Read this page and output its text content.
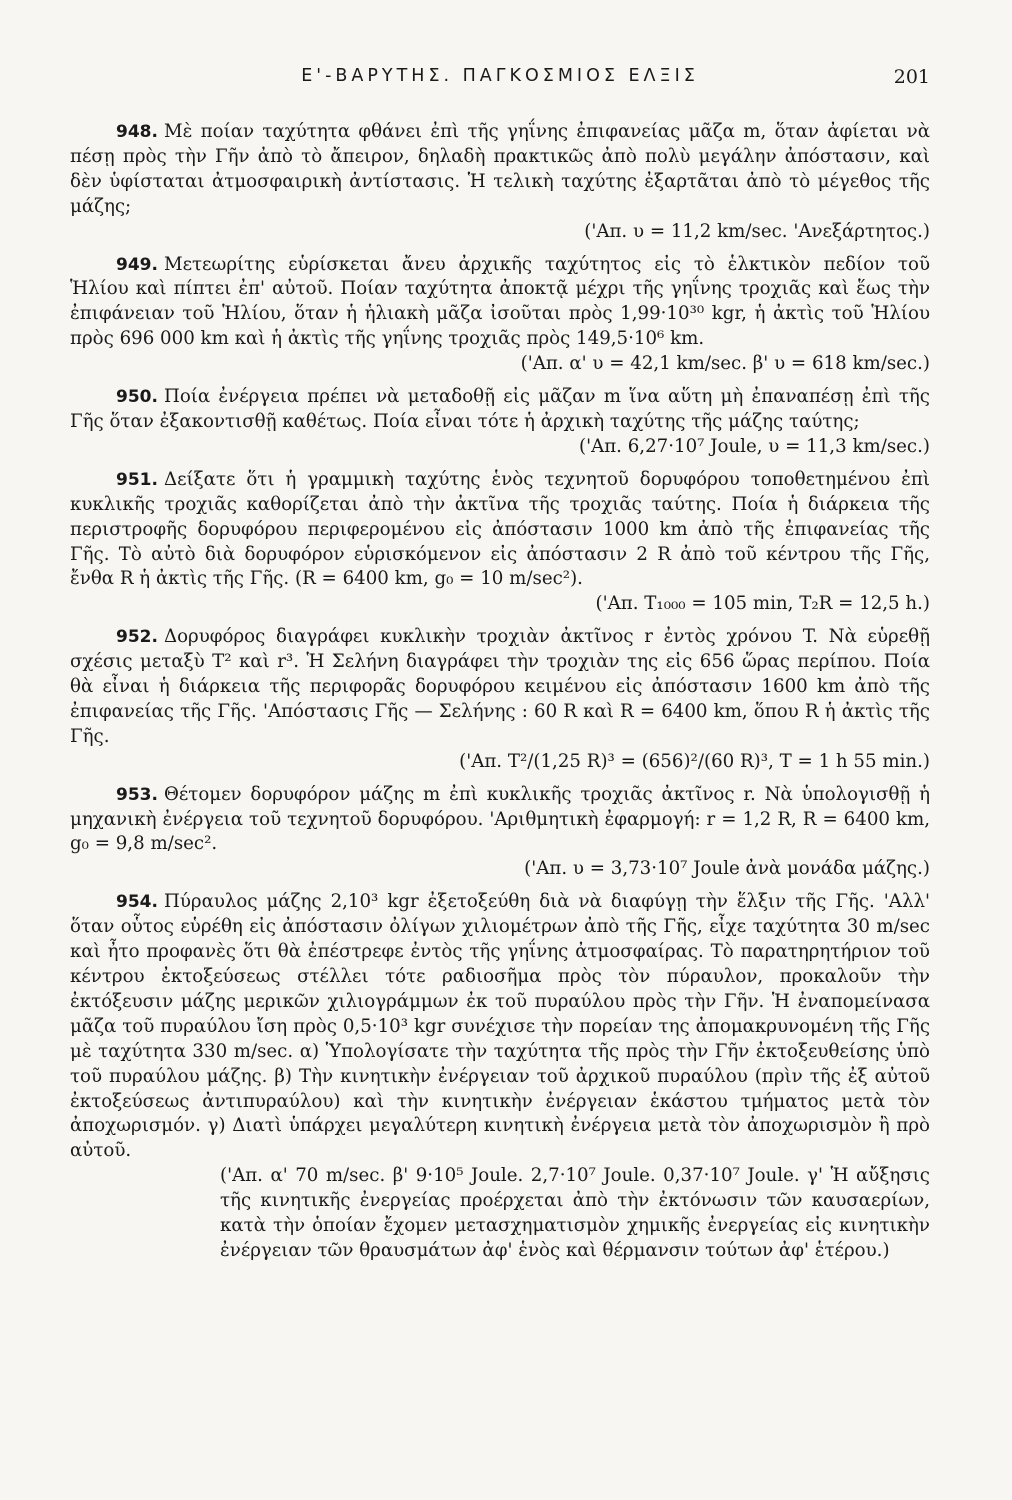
Ε'-ΒΑΡΥΤΗΣ. ΠΑΓΚΟΣΜΙΟΣ ΕΛΞΙΣ	201
948. Μὲ ποίαν ταχύτητα φθάνει ἐπὶ τῆς γηΐνης ἐπιφανείας μᾶζα m, ὅταν ἀφίεται νὰ πέσῃ πρὸς τὴν Γῆν ἀπὸ τὸ ἄπειρον, δηλαδὴ πρακτικῶς ἀπὸ πολὺ μεγάλην ἀπόστασιν, καὶ δὲν ὑφίσταται ἀτμοσφαιρικὴ ἀντίστασις. Ἡ τελικὴ ταχύτης ἐξαρτᾶται ἀπὸ τὸ μέγεθος τῆς μάζης;
('Απ. υ = 11,2 km/sec. 'Ανεξάρτητος.)
949. Μετεωρίτης εὑρίσκεται ἄνευ ἀρχικῆς ταχύτητος εἰς τὸ ἑλκτικὸν πεδίον τοῦ Ἡλίου καὶ πίπτει ἐπ' αὐτοῦ. Ποίαν ταχύτητα ἀποκτᾷ μέχρι τῆς γηΐνης τροχιᾶς καὶ ἕως τὴν ἐπιφάνειαν τοῦ Ἡλίου, ὅταν ἡ ἡλιακὴ μᾶζα ἰσοῦται πρὸς 1,99·10³⁰ kgr, ἡ ἀκτὶς τοῦ Ἡλίου πρὸς 696 000 km καὶ ἡ ἀκτὶς τῆς γηΐνης τροχιᾶς πρὸς 149,5·10⁶ km.
('Απ. α' υ = 42,1 km/sec. β' υ = 618 km/sec.)
950. Ποία ἐνέργεια πρέπει νὰ μεταδοθῇ εἰς μᾶζαν m ἵνα αὕτη μὴ ἐπαναπέσῃ ἐπὶ τῆς Γῆς ὅταν ἐξακοντισθῇ καθέτως. Ποία εἶναι τότε ἡ ἀρχικὴ ταχύτης τῆς μάζης ταύτης;
('Απ. 6,27·10⁷ Joule, υ = 11,3 km/sec.)
951. Δείξατε ὅτι ἡ γραμμικὴ ταχύτης ἑνὸς τεχνητοῦ δορυφόρου τοποθετημένου ἐπὶ κυκλικῆς τροχιᾶς καθορίζεται ἀπὸ τὴν ἀκτῖνα τῆς τροχιᾶς ταύτης. Ποία ἡ διάρκεια τῆς περιστροφῆς δορυφόρου περιφερομένου εἰς ἀπόστασιν 1000 km ἀπὸ τῆς ἐπιφανείας τῆς Γῆς. Τὸ αὐτὸ διὰ δορυφόρον εὑρισκόμενον εἰς ἀπόστασιν 2 R ἀπὸ τοῦ κέντρου τῆς Γῆς, ἔνθα R ἡ ἀκτὶς τῆς Γῆς. (R = 6400 km, g₀ = 10 m/sec²).
('Απ. T₁₀₀₀ = 105 min, T₂R = 12,5 h.)
952. Δορυφόρος διαγράφει κυκλικὴν τροχιὰν ἀκτῖνος r ἐντὸς χρόνου T. Νὰ εὑρεθῇ σχέσις μεταξὺ T² καὶ r³. Ἡ Σελήνη διαγράφει τὴν τροχιὰν της εἰς 656 ὥρας περίπου. Ποία θὰ εἶναι ἡ διάρκεια τῆς περιφορᾶς δορυφόρου κειμένου εἰς ἀπόστασιν 1600 km ἀπὸ τῆς ἐπιφανείας τῆς Γῆς. 'Απόστασις Γῆς — Σελήνης : 60 R καὶ R = 6400 km, ὅπου R ἡ ἀκτὶς τῆς Γῆς.
('Απ. T²/(1,25 R)³ = (656)²/(60 R)³, T = 1 h 55 min.)
953. Θέτομεν δορυφόρον μάζης m ἐπὶ κυκλικῆς τροχιᾶς ἀκτῖνος r. Νὰ ὑπολογισθῇ ἡ μηχανικὴ ἐνέργεια τοῦ τεχνητοῦ δορυφόρου. 'Αριθμητικὴ ἐφαρμογή: r = 1,2 R, R = 6400 km, g₀ = 9,8 m/sec².
('Απ. υ = 3,73·10⁷ Joule ἀνὰ μονάδα μάζης.)
954. Πύραυλος μάζης 2,10³ kgr ἐξετοξεύθη διὰ νὰ διαφύγῃ τὴν ἕλξιν τῆς Γῆς. 'Αλλ' ὅταν οὗτος εὑρέθη εἰς ἀπόστασιν ὀλίγων χιλιομέτρων ἀπὸ τῆς Γῆς, εἶχε ταχύτητα 30 m/sec καὶ ἦτο προφανὲς ὅτι θὰ ἐπέστρεφε ἐντὸς τῆς γηΐνης ἀτμοσφαίρας. Τὸ παρατηρητήριον τοῦ κέντρου ἐκτοξεύσεως στέλλει τότε ραδιοσῆμα πρὸς τὸν πύραυλον, προκαλοῦν τὴν ἐκτόξευσιν μάζης μερικῶν χιλιογράμμων ἐκ τοῦ πυραύλου πρὸς τὴν Γῆν. Ἡ ἐναπομείνασα μᾶζα τοῦ πυραύλου ἴση πρὸς 0,5·10³ kgr συνέχισε τὴν πορείαν της ἀπομακρυνομένη τῆς Γῆς μὲ ταχύτητα 330 m/sec. α) Ὑπολογίσατε τὴν ταχύτητα τῆς πρὸς τὴν Γῆν ἐκτοξευθείσης ὑπὸ τοῦ πυραύλου μάζης. β) Τὴν κινητικὴν ἐνέργειαν τοῦ ἀρχικοῦ πυραύλου (πρὶν τῆς ἐξ αὐτοῦ ἐκτοξεύσεως ἀντιπυραύλου) καὶ τὴν κινητικὴν ἐνέργειαν ἑκάστου τμήματος μετὰ τὸν ἀποχωρισμόν. γ) Διατὶ ὑπάρχει μεγαλύτερη κινητικὴ ἐνέργεια μετὰ τὸν ἀποχωρισμὸν ἢ πρὸ αὐτοῦ.
('Απ. α' 70 m/sec. β' 9·10⁵ Joule. 2,7·10⁷ Joule. 0,37·10⁷ Joule. γ' Ἡ αὔξησις τῆς κινητικῆς ἐνεργείας προέρχεται ἀπὸ τὴν ἐκτόνωσιν τῶν καυσαερίων, κατὰ τὴν ὁποίαν ἔχομεν μετασχηματισμὸν χημικῆς ἐνεργείας εἰς κινητικὴν ἐνέργειαν τῶν θραυσμάτων ἀφ' ἑνὸς καὶ θέρμανσιν τούτων ἀφ' ἑτέρου.)
